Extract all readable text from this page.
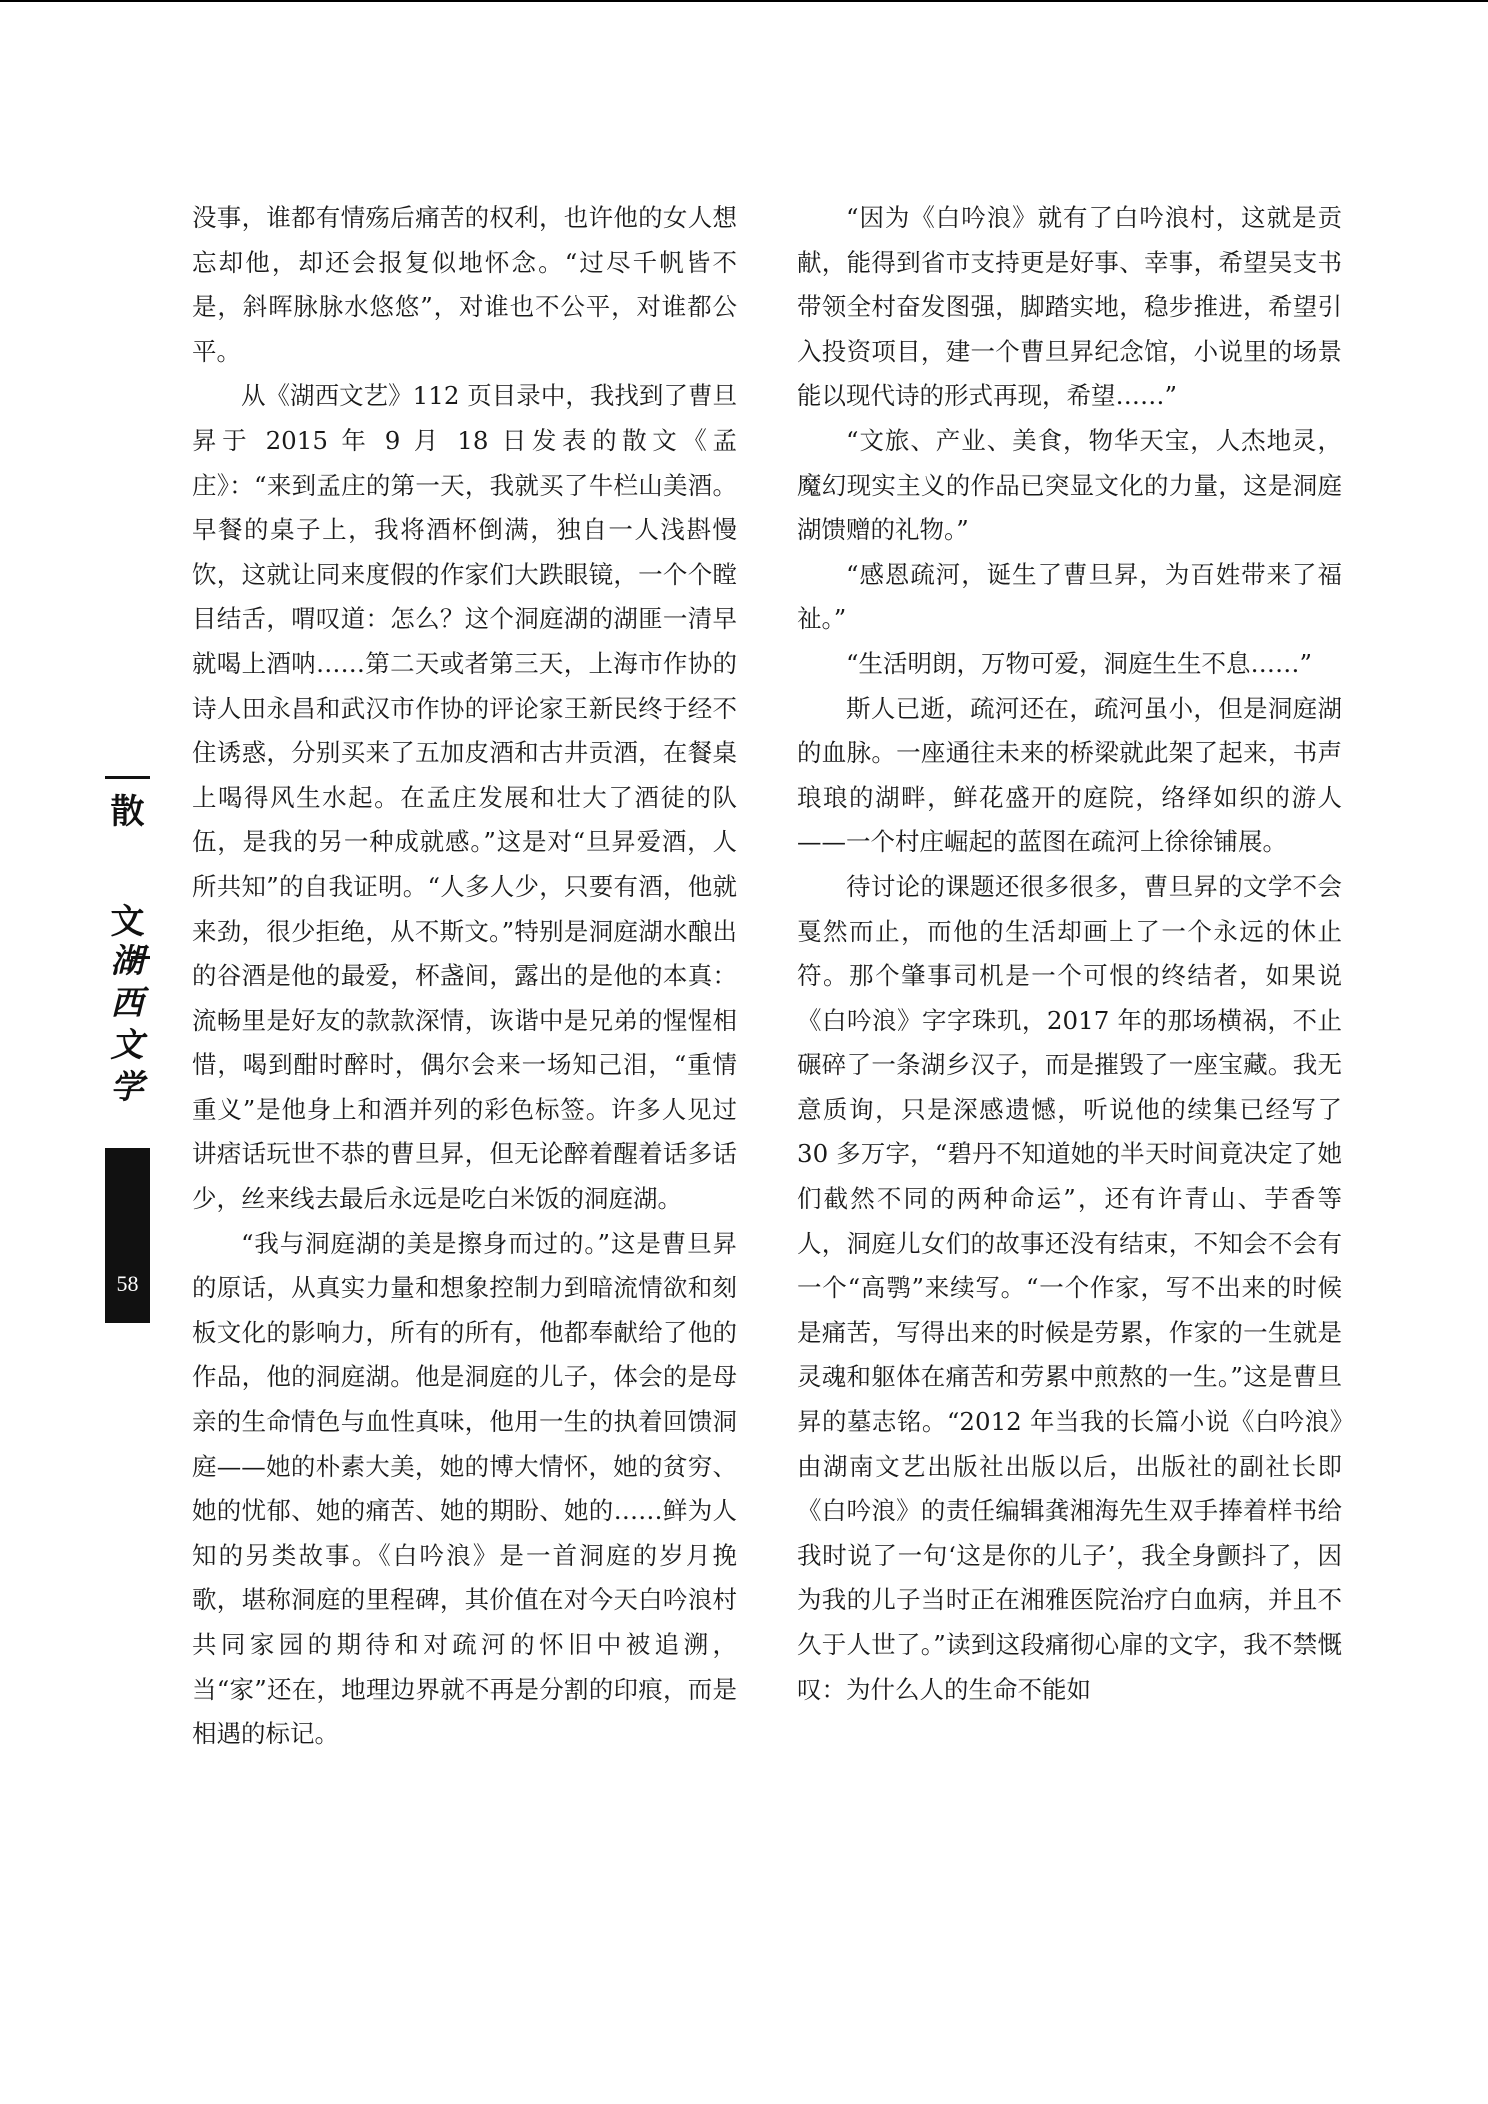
没事，谁都有情殇后痛苦的权利，也许他的女人想忘却他，却还会报复似地怀念。“过尽千帆皆不是，斜晖脉脉水悠悠”，对谁也不公平，对谁都公平。

从《湖西文艺》112 页目录中，我找到了曹旦昇于 2015 年 9 月 18 日发表的散文《孟庄》：“来到孟庄的第一天，我就买了牛栏山美酒。早餐的桌子上，我将酒杯倒满，独自一人浅斟慢饮，这就让同来度假的作家们大跌眼镜，一个个瞠目结舌，喟叹道：怎么？这个洞庭湖的湖匪一清早就喝上酒呐……第二天或者第三天，上海市作协的诗人田永昌和武汉市作协的评论家王新民终于经不住诱惑，分别买来了五加皮酒和古井贡酒，在餐桌上喝得风生水起。在孟庄发展和壮大了酒徒的队伍，是我的另一种成就感。”这是对“旦昇爱酒，人所共知”的自我证明。“人多人少，只要有酒，他就来劲，很少拒绝，从不斯文。”特别是洞庭湖水酿出的谷酒是他的最爱，杯盏间，露出的是他的本真：流畅里是好友的款款深情，诙谐中是兄弟的惺惺相惜，喝到酣时醉时，偶尔会来一场知己泪，“重情重义”是他身上和酒并列的彩色标签。许多人见过讲痞话玩世不恭的曹旦昇，但无论醉着醒着话多话少，丝来线去最后永远是吃白米饭的洞庭湖。

“我与洞庭湖的美是擦身而过的。”这是曹旦昇的原话，从真实力量和想象控制力到暗流情欲和刻板文化的影响力，所有的所有，他都奉献给了他的作品，他的洞庭湖。他是洞庭的儿子，体会的是母亲的生命情色与血性真味，他用一生的执着回馈洞庭——她的朴素大美，她的博大情怀，她的贫穷、她的忧郁、她的痛苦、她的期盼、她的……鲜为人知的另类故事。《白吟浪》是一首洞庭的岁月挽歌，堪称洞庭的里程碑，其价值在对今天白吟浪村共同家园的期待和对疏河的怀旧中被追溯，当“家”还在，地理边界就不再是分割的印痕，而是相遇的标记。

“因为《白吟浪》就有了白吟浪村，这就是贡献，能得到省市支持更是好事、幸事，希望吴支书带领全村奋发图强，脚踏实地，稳步推进，希望引入投资项目，建一个曹旦昇纪念馆，小说里的场景能以现代诗的形式再现，希望……”

“文旅、产业、美食，物华天宝，人杰地灵，魔幻现实主义的作品已突显文化的力量，这是洞庭湖馈赠的礼物。”

“感恩疏河，诞生了曹旦昇，为百姓带来了福祉。”

“生活明朗，万物可爱，洞庭生生不息……”

斯人已逝，疏河还在，疏河虽小，但是洞庭湖的血脉。一座通往未来的桥梁就此架了起来，书声琅琅的湖畔，鲜花盛开的庭院，络绎如织的游人——一个村庄崛起的蓝图在疏河上徐徐铺展。

待讨论的课题还很多很多，曹旦昇的文学不会戛然而止，而他的生活却画上了一个永远的休止符。那个肇事司机是一个可恨的终结者，如果说《白吟浪》字字珠玑，2017 年的那场横祸，不止碾碎了一条湖乡汉子，而是摧毁了一座宝藏。我无意质询，只是深感遗憾，听说他的续集已经写了 30 多万字，“碧丹不知道她的半天时间竟决定了她们截然不同的两种命运”，还有许青山、芋香等人，洞庭儿女们的故事还没有结束，不知会不会有一个“高鹗”来续写。“一个作家，写不出来的时候是痛苦，写得出来的时候是劳累，作家的一生就是灵魂和躯体在痛苦和劳累中煎熬的一生。”这是曹旦昇的墓志铭。“2012 年当我的长篇小说《白吟浪》由湖南文艺出版社出版以后，出版社的副社长即《白吟浪》的责任编辑龚湘海先生双手捧着样书给我时说了一句‘这是你的儿子’，我全身颤抖了，因为我的儿子当时正在湘雅医院治疗白血病，并且不久于人世了。”读到这段痛彻心扉的文字，我不禁慨叹：为什么人的生命不能如

散
文
湖
西
文
学
58
